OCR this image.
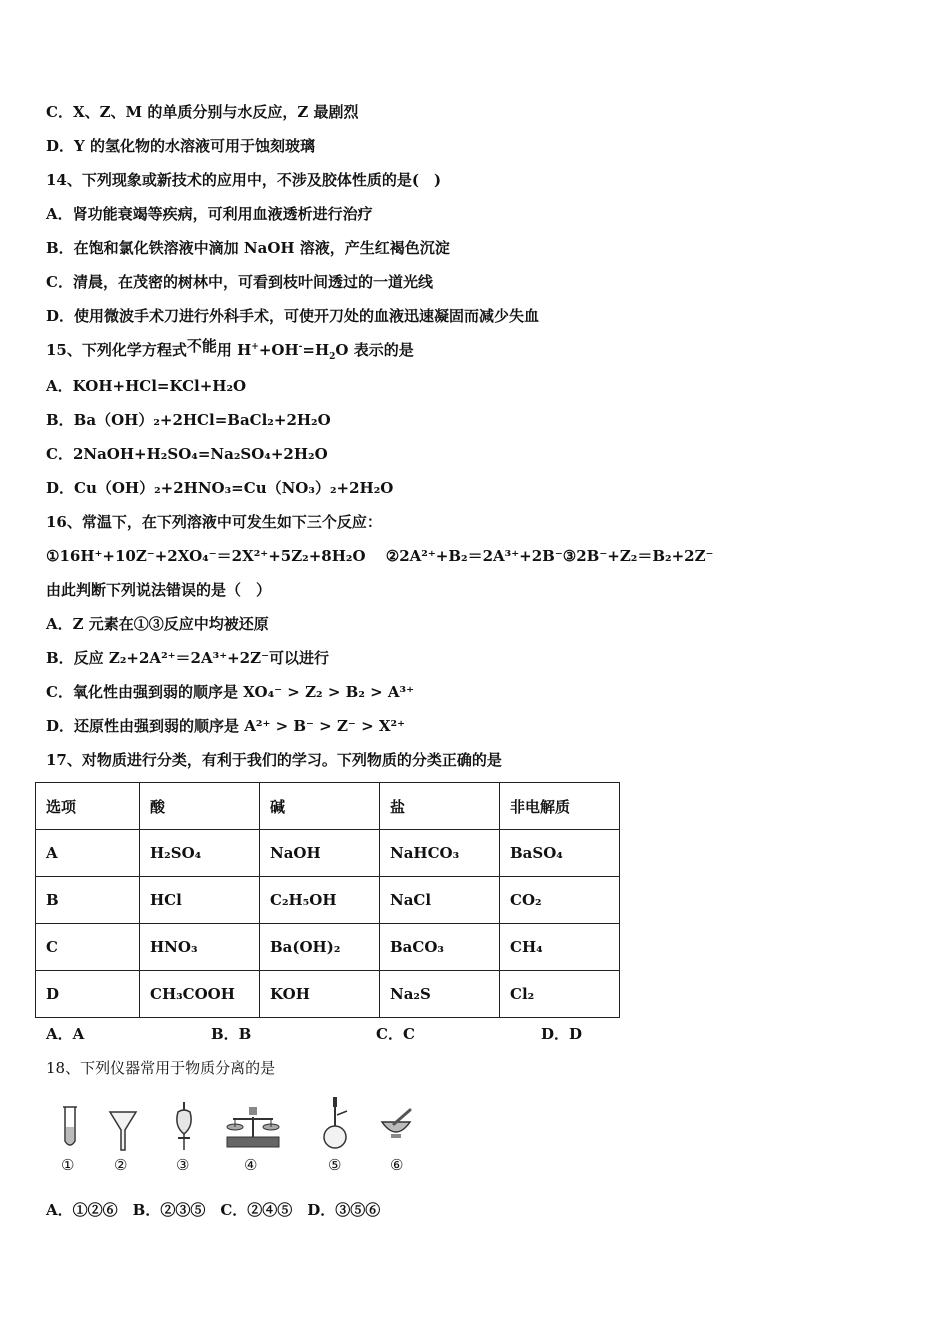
C．X、Z、M 的单质分别与水反应，Z 最剧烈
D．Y 的氢化物的水溶液可用于蚀刻玻璃
14、下列现象或新技术的应用中，不涉及胶体性质的是(　)
A．肾功能衰竭等疾病，可利用血液透析进行治疗
B．在饱和氯化铁溶液中滴加 NaOH 溶液，产生红褐色沉淀
C．清晨，在茂密的树林中，可看到枝叶间透过的一道光线
D．使用微波手术刀进行外科手术，可使开刀处的血液迅速凝固而减少失血
15、下列化学方程式不能用 $H^++OH^-=H_2O$ 表示的是
A．KOH+HCl=KCl+H₂O
B．Ba（OH）₂+2HCl=BaCl₂+2H₂O
C．2NaOH+H₂SO₄=Na₂SO₄+2H₂O
D．Cu（OH）₂+2HNO₃=Cu（NO₃）₂+2H₂O
16、常温下，在下列溶液中可发生如下三个反应：
①16H⁺+10Z⁻+2XO₄⁻＝2X²⁺+5Z₂+8H₂O　 ②2A²⁺+B₂＝2A³⁺+2B⁻③2B⁻+Z₂＝B₂+2Z⁻
由此判断下列说法错误的是（　）
A．Z 元素在①③反应中均被还原
B．反应 Z₂+2A²⁺＝2A³⁺+2Z⁻可以进行
C．氧化性由强到弱的顺序是 XO₄⁻ > Z₂ > B₂ > A³⁺
D．还原性由强到弱的顺序是 A²⁺ > B⁻ > Z⁻ > X²⁺
17、对物质进行分类，有利于我们的学习。下列物质的分类正确的是
选项	酸	碱	盐	非电解质
A	H₂SO₄	NaOH	NaHCO₃	BaSO₄
B	HCl	C₂H₅OH	NaCl	CO₂
C	HNO₃	Ba(OH)₂	BaCO₃	CH₄
D	CH₃COOH	KOH	Na₂S	Cl₂
A．A	B．B	C．C	D．D
18、下列仪器常用于物质分离的是
①	②	③	④	⑤	⑥
A．①②⑥　B．②③⑤　C．②④⑤　D．③⑤⑥
